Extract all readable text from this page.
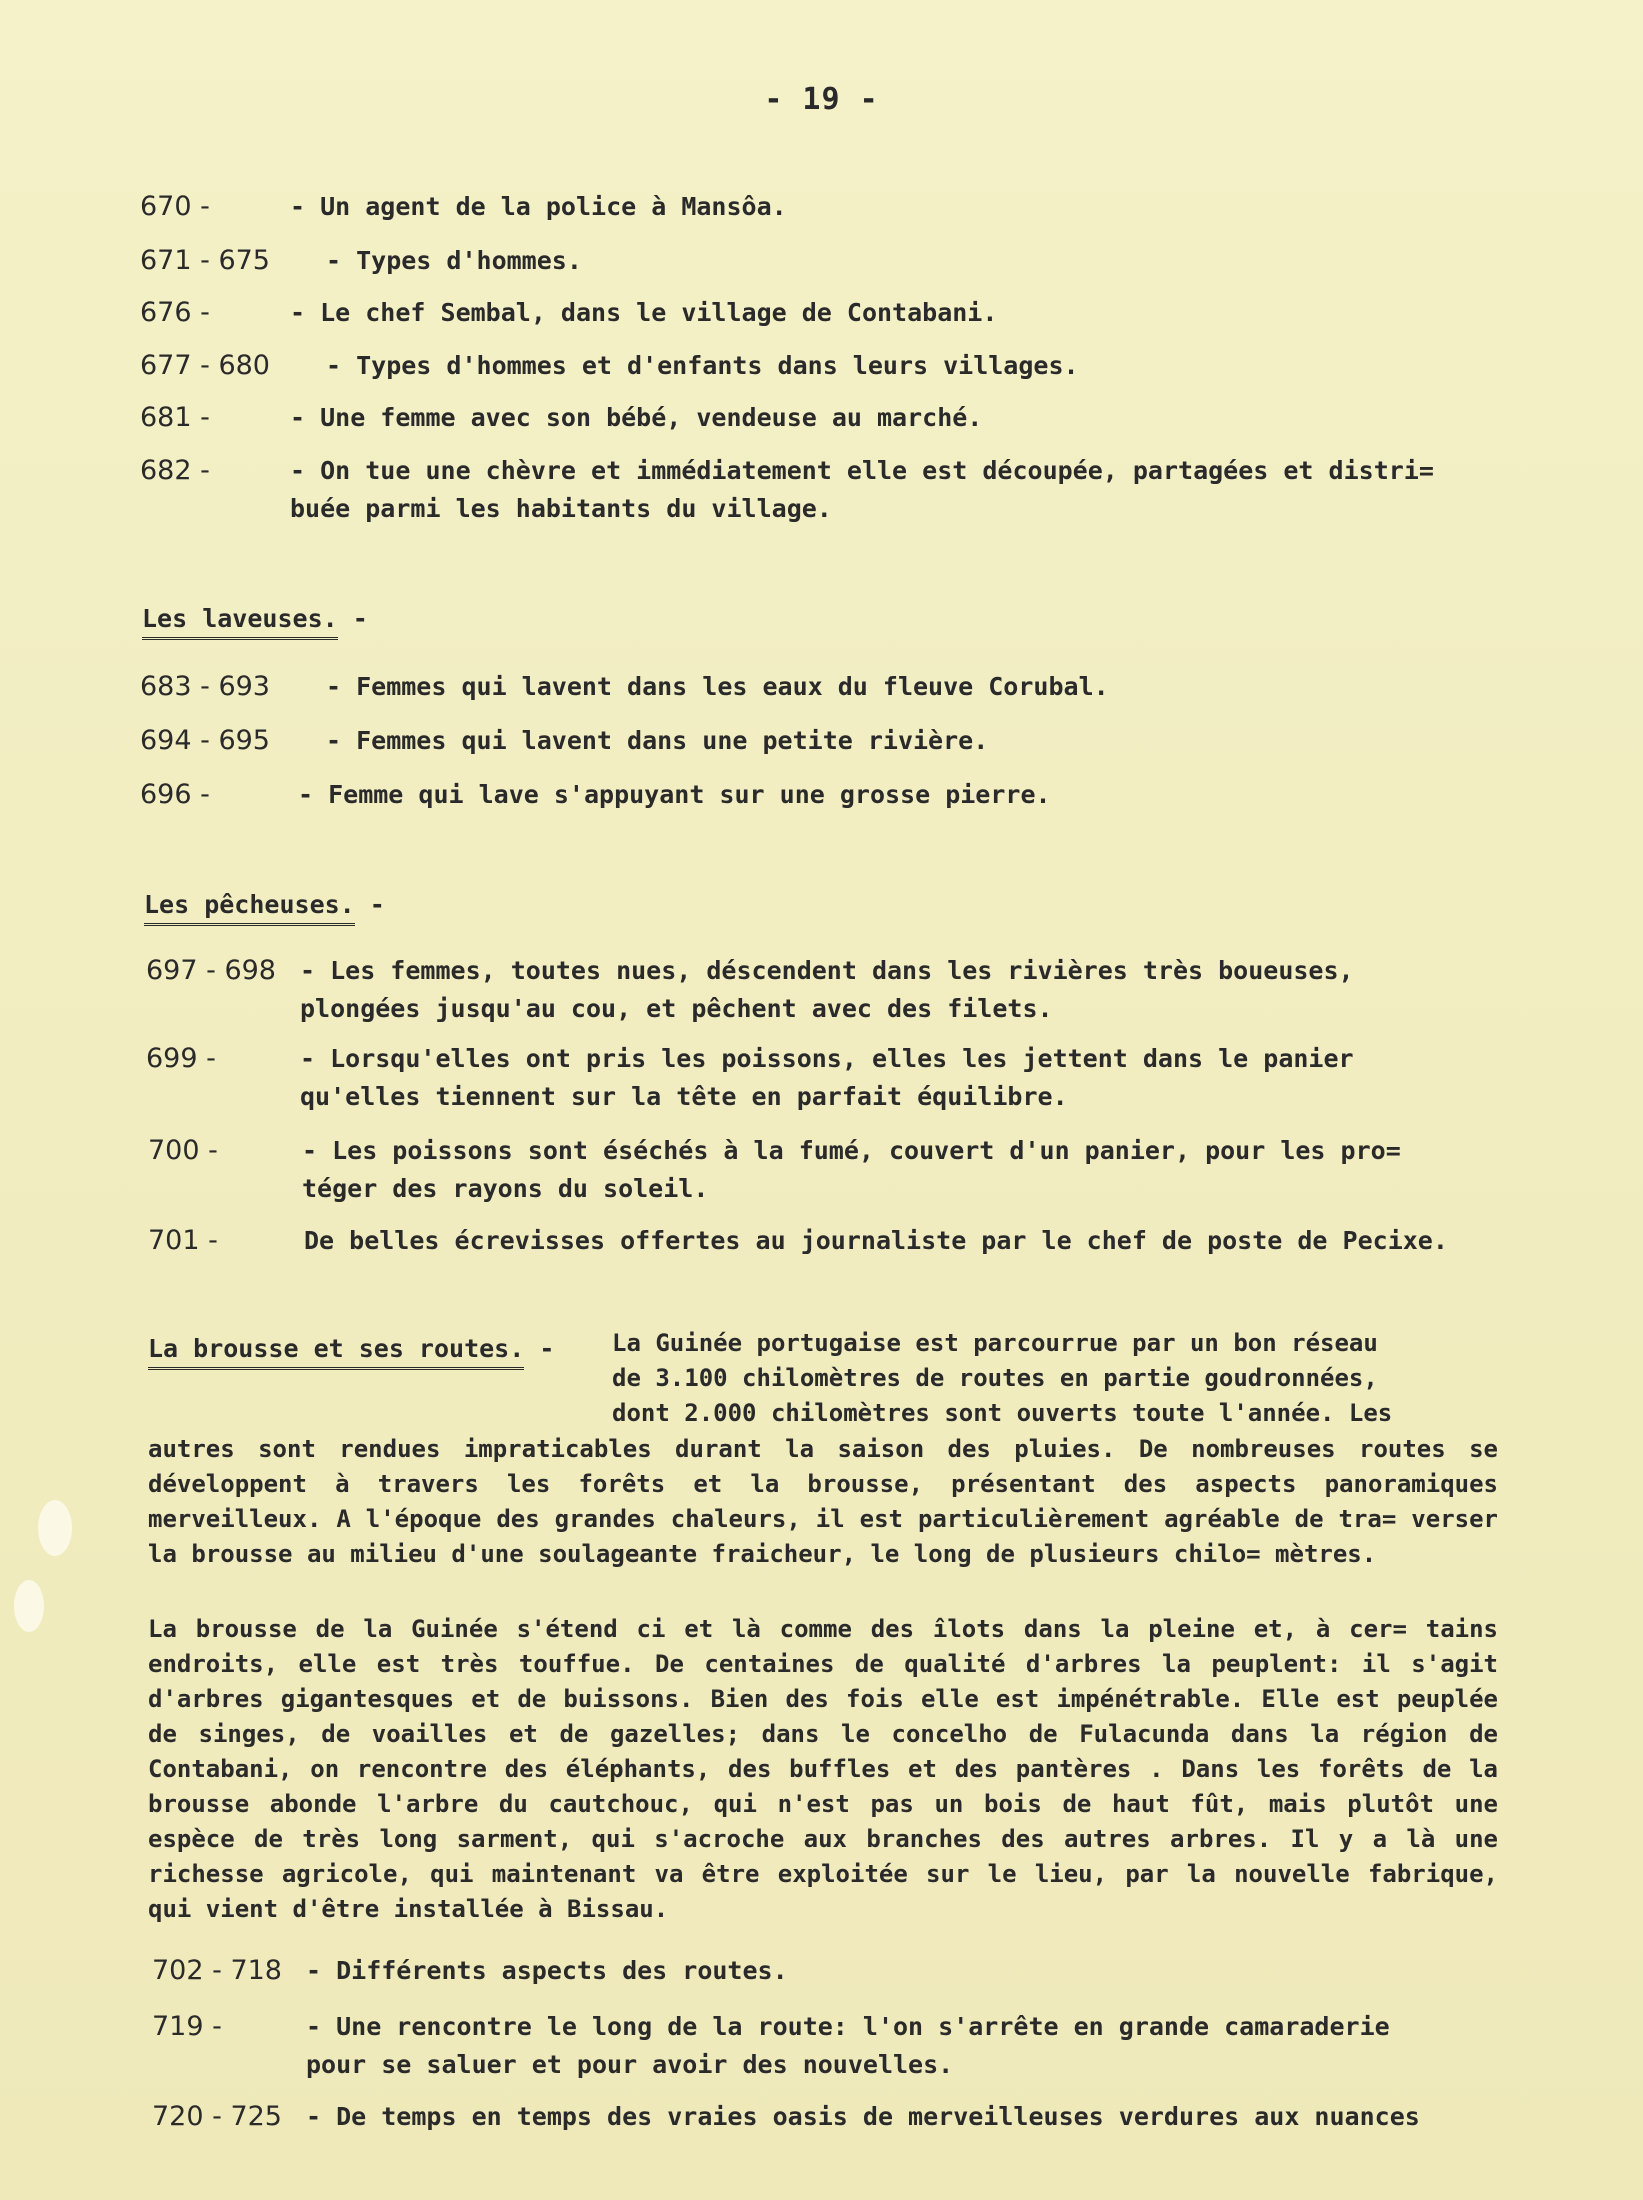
- 19 -
670 -	- Un agent de la police à Mansôa.
671 - 675 - Types d'hommes.
676 -	- Le chef Sembal, dans le village de Contabani.
677 - 680 - Types d'hommes et d'enfants dans leurs villages.
681 -	- Une femme avec son bébé, vendeuse au marché.
682 -	- On tue une chèvre et immédiatement elle est découpée, partagées et distri=
buée parmi les habitants du village.
Les laveuses. -
683 - 693 - Femmes qui lavent dans les eaux du fleuve Corubal.
694 - 695 - Femmes qui lavent dans une petite rivière.
696 -	- Femme qui lave s'appuyant sur une grosse pierre.
Les pêcheuses. -
697 - 698 - Les femmes, toutes nues, déscendent dans les rivières très boueuses,
plongées jusqu'au cou, et pêchent avec des filets.
699 -	- Lorsqu'elles ont pris les poissons, elles les jettent dans le panier
qu'elles tiennent sur la tête en parfait équilibre.
700 -	- Les poissons sont éséchés à la fumé, couvert d'un panier, pour les pro=
téger des rayons du soleil.
701 -	De belles écrevisses offertes au journaliste par le chef de poste de Pecixe.
La brousse et ses routes. - La Guinée portugaise est parcourrue par un bon réseau
de 3.100 chilomètres de routes en partie goudronnées,
dont 2.000 chilomètres sont ouverts toute l'année. Les
autres sont rendues impraticables durant la saison des pluies. De nombreuses routes se développent à travers les forêts et la brousse, présentant des aspects panoramiques merveilleux. A l'époque des grandes chaleurs, il est particulièrement agréable de tra= verser la brousse au milieu d'une soulageante fraicheur, le long de plusieurs chilo= mètres.
La brousse de la Guinée s'étend ci et là comme des îlots dans la pleine et, à cer= tains endroits, elle est très touffue. De centaines de qualité d'arbres la peuplent: il s'agit d'arbres gigantesques et de buissons. Bien des fois elle est impénétrable. Elle est peuplée de singes, de voailles et de gazelles; dans le concelho de Fulacunda dans la région de Contabani, on rencontre des éléphants, des buffles et des pantères . Dans les forêts de la brousse abonde l'arbre du cautchouc, qui n'est pas un bois de haut fût, mais plutôt une espèce de très long sarment, qui s'acroche aux branches des autres arbres. Il y a là une richesse agricole, qui maintenant va être exploitée sur le lieu, par la nouvelle fabrique, qui vient d'être installée à Bissau.
702 - 718 - Différents aspects des routes.
719 -	- Une rencontre le long de la route: l'on s'arrête en grande camaraderie
pour se saluer et pour avoir des nouvelles.
720 - 725 - De temps en temps des vraies oasis de merveilleuses verdures aux nuances
